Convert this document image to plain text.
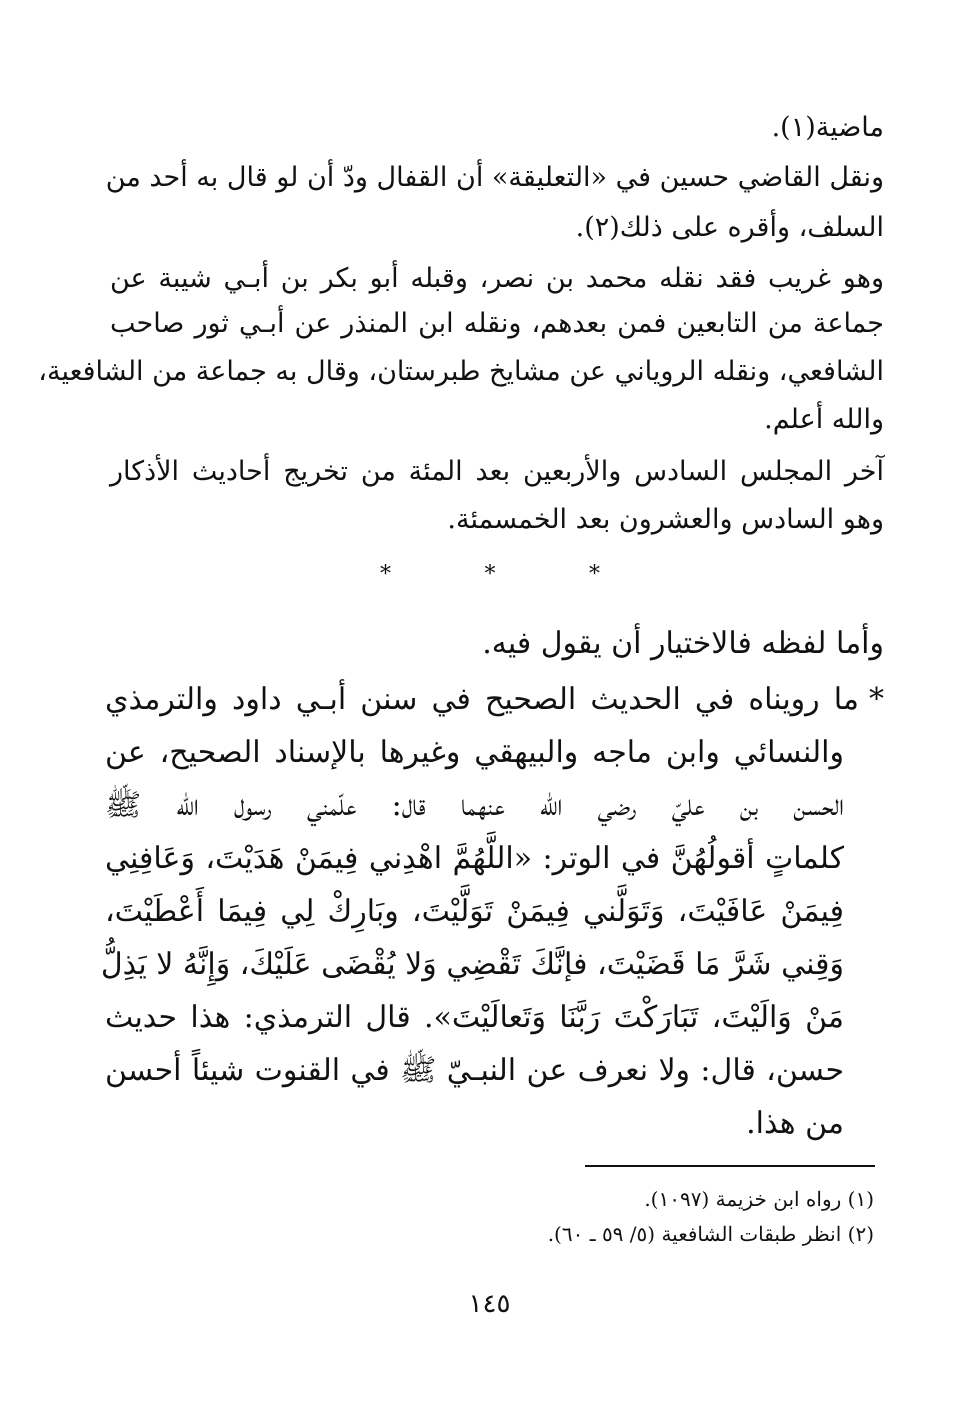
ماضية(١).
ونقل القاضي حسين في «التعليقة» أن القفال ودّ أن لو قال به أحد من
السلف، وأقره على ذلك(٢).
وهو غريب فقد نقله محمد بن نصر، وقبله أبو بكر بن أبـي شيبة عن
جماعة من التابعين فمن بعدهم، ونقله ابن المنذر عن أبـي ثور صاحب
الشافعي، ونقله الروياني عن مشايخ طبرستان، وقال به جماعة من الشافعية،
والله أعلم.
آخر المجلس السادس والأربعين بعد المئة من تخريج أحاديث الأذكار
وهو السادس والعشرون بعد الخمسمئة.
*	*	*
وأما لفظه فالاختيار أن يقول فيه.
*ما رويناه في الحديث الصحيح في سنن أبـي داود والترمذي
والنسائي وابن ماجه والبيهقي وغيرها بالإسناد الصحيح، عن
الحسن بن عليّ رضي الله عنهما قال: علّمني رسول الله ﷺ
كلماتٍ أقولُهُنَّ في الوتر: «اللَّهُمَّ اهْدِني فِيمَنْ هَدَيْتَ، وَعَافِنِي
فِيمَنْ عَافَيْتَ، وَتَوَلَّني فِيمَنْ تَوَلَّيْتَ، وبَارِكْ لِي فِيمَا أَعْطَيْتَ،
وَقِني شَرَّ مَا قَضَيْتَ، فإنَّكَ تَقْضِي وَلا يُقْضَى عَلَيْكَ، وَإِنَّهُ لا يَذِلُّ
مَنْ وَالَيْتَ، تَبَارَكْتَ رَبَّنَا وَتَعالَيْتَ». قال الترمذي: هذا حديث
حسن، قال: ولا نعرف عن النبـيّ ﷺ في القنوت شيئاً أحسن
من هذا.
(١) رواه ابن خزيمة (١٠٩٧).
(٢) انظر طبقات الشافعية (٥/ ٥٩ ـ ٦٠).
١٤٥
